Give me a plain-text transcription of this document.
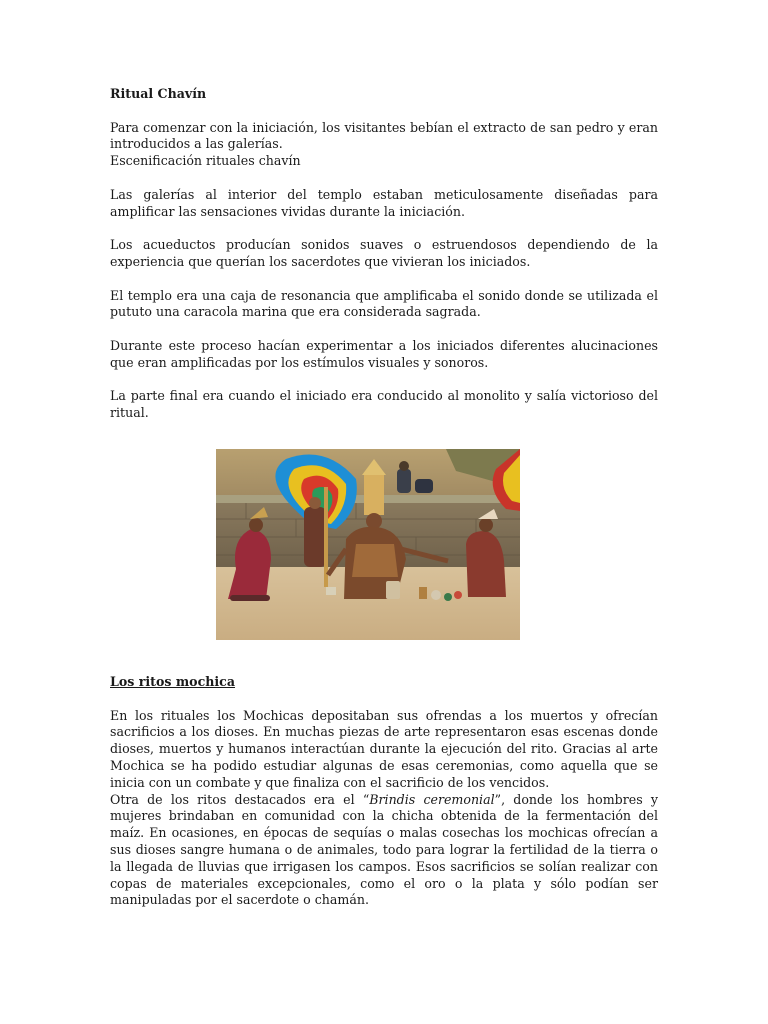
Ritual Chavín

Para comenzar con la iniciación, los visitantes bebían el extracto de san pedro y eran introducidos a las galerías.

Escenificación rituales chavín

Las galerías al interior del templo estaban meticulosamente diseñadas para amplificar las sensaciones vividas durante la iniciación.

Los acueductos producían sonidos suaves o estruendosos dependiendo de la experiencia que querían los sacerdotes que vivieran los iniciados.

El templo era una caja de resonancia que amplificaba el sonido donde se utilizada el pututo una caracola marina que era considerada sagrada.

Durante este proceso hacían experimentar a los iniciados diferentes alucinaciones que eran amplificadas por los estímulos visuales y sonoros.

La parte final era cuando el iniciado era conducido al monolito y salía victorioso del ritual.

Los ritos mochica

En los rituales los Mochicas depositaban sus ofrendas a los muertos y ofrecían sacrificios a los dioses. En muchas piezas de arte representaron esas escenas donde dioses, muertos y humanos interactúan durante la ejecución del rito. Gracias al arte Mochica se ha podido estudiar algunas de esas ceremonias, como aquella que se inicia con un combate y que finaliza con el sacrificio de los vencidos.

Otra de los ritos destacados era el “Brindis ceremonial”, donde los hombres y mujeres brindaban en comunidad con la chicha obtenida de la fermentación del maíz. En ocasiones, en épocas de sequías o malas cosechas los mochicas ofrecían a sus dioses sangre humana o de animales, todo para lograr la fertilidad de la tierra o la llegada de lluvias que irrigasen los campos. Esos sacrificios se solían realizar con copas de materiales excepcionales, como el oro o la plata y sólo podían ser manipuladas por el sacerdote o chamán.
